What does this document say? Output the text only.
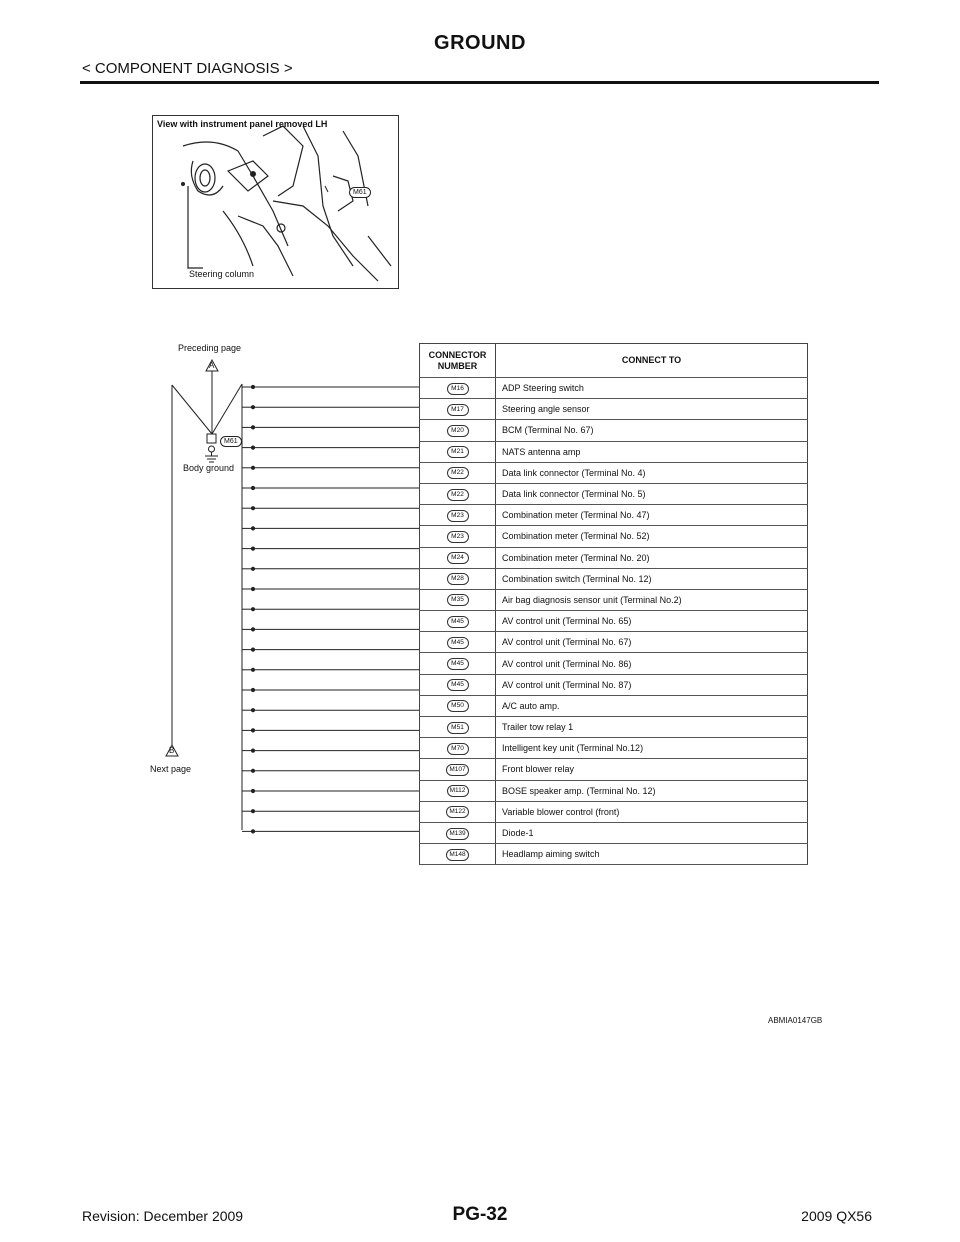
GROUND
< COMPONENT DIAGNOSIS >
View with instrument panel removed LH
Steering column
M61
Preceding page
A
M61
Body ground
B
Next page
CONNECTOR NUMBER	CONNECT TO
M16	ADP Steering switch
M17	Steering angle sensor
M20	BCM (Terminal No. 67)
M21	NATS antenna amp
M22	Data link connector (Terminal No. 4)
M22	Data link connector (Terminal No. 5)
M23	Combination meter (Terminal No. 47)
M23	Combination meter (Terminal No. 52)
M24	Combination meter (Terminal No. 20)
M28	Combination switch (Terminal No. 12)
M35	Air bag diagnosis sensor unit (Terminal No.2)
M45	AV control unit (Terminal No. 65)
M45	AV control unit (Terminal No. 67)
M45	AV control unit (Terminal No. 86)
M45	AV control unit (Terminal No. 87)
M50	A/C auto amp.
M51	Trailer tow relay 1
M70	Intelligent key unit (Terminal No.12)
M107	Front blower relay
M112	BOSE speaker amp. (Terminal No. 12)
M122	Variable blower control (front)
M139	Diode-1
M148	Headlamp aiming switch
ABMIA0147GB
Revision: December 2009	PG-32	2009 QX56
